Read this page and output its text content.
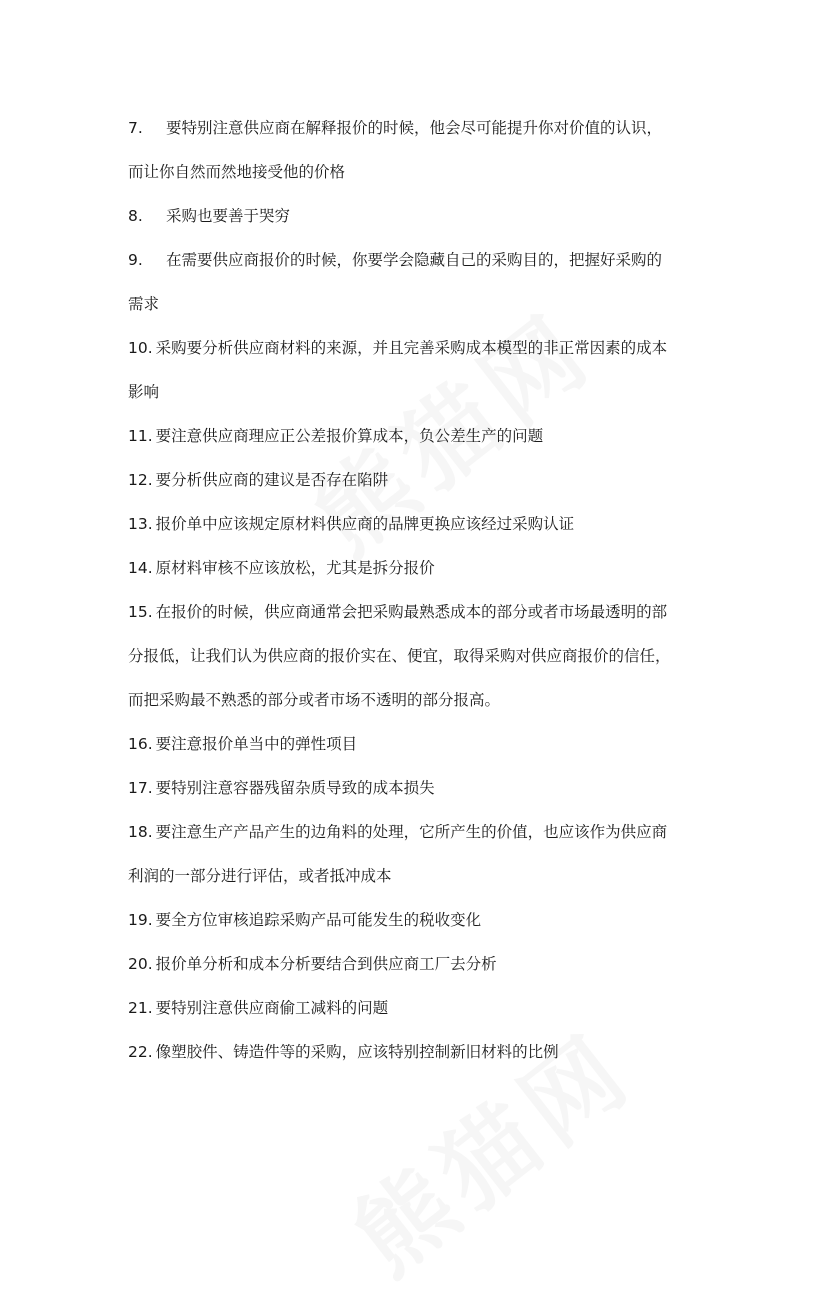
7. 要特别注意供应商在解释报价的时候，他会尽可能提升你对价值的认识，
而让你自然而然地接受他的价格
8. 采购也要善于哭穷
9. 在需要供应商报价的时候，你要学会隐藏自己的采购目的，把握好采购的
需求
10. 采购要分析供应商材料的来源，并且完善采购成本模型的非正常因素的成本
影响
11. 要注意供应商理应正公差报价算成本，负公差生产的问题
12. 要分析供应商的建议是否存在陷阱
13. 报价单中应该规定原材料供应商的品牌更换应该经过采购认证
14. 原材料审核不应该放松，尤其是拆分报价
15. 在报价的时候，供应商通常会把采购最熟悉成本的部分或者市场最透明的部
分报低，让我们认为供应商的报价实在、便宜，取得采购对供应商报价的信任，
而把采购最不熟悉的部分或者市场不透明的部分报高。
16. 要注意报价单当中的弹性项目
17. 要特别注意容器残留杂质导致的成本损失
18. 要注意生产产品产生的边角料的处理，它所产生的价值，也应该作为供应商
利润的一部分进行评估，或者抵冲成本
19. 要全方位审核追踪采购产品可能发生的税收变化
20. 报价单分析和成本分析要结合到供应商工厂去分析
21. 要特别注意供应商偷工减料的问题
22. 像塑胶件、铸造件等的采购，应该特别控制新旧材料的比例
